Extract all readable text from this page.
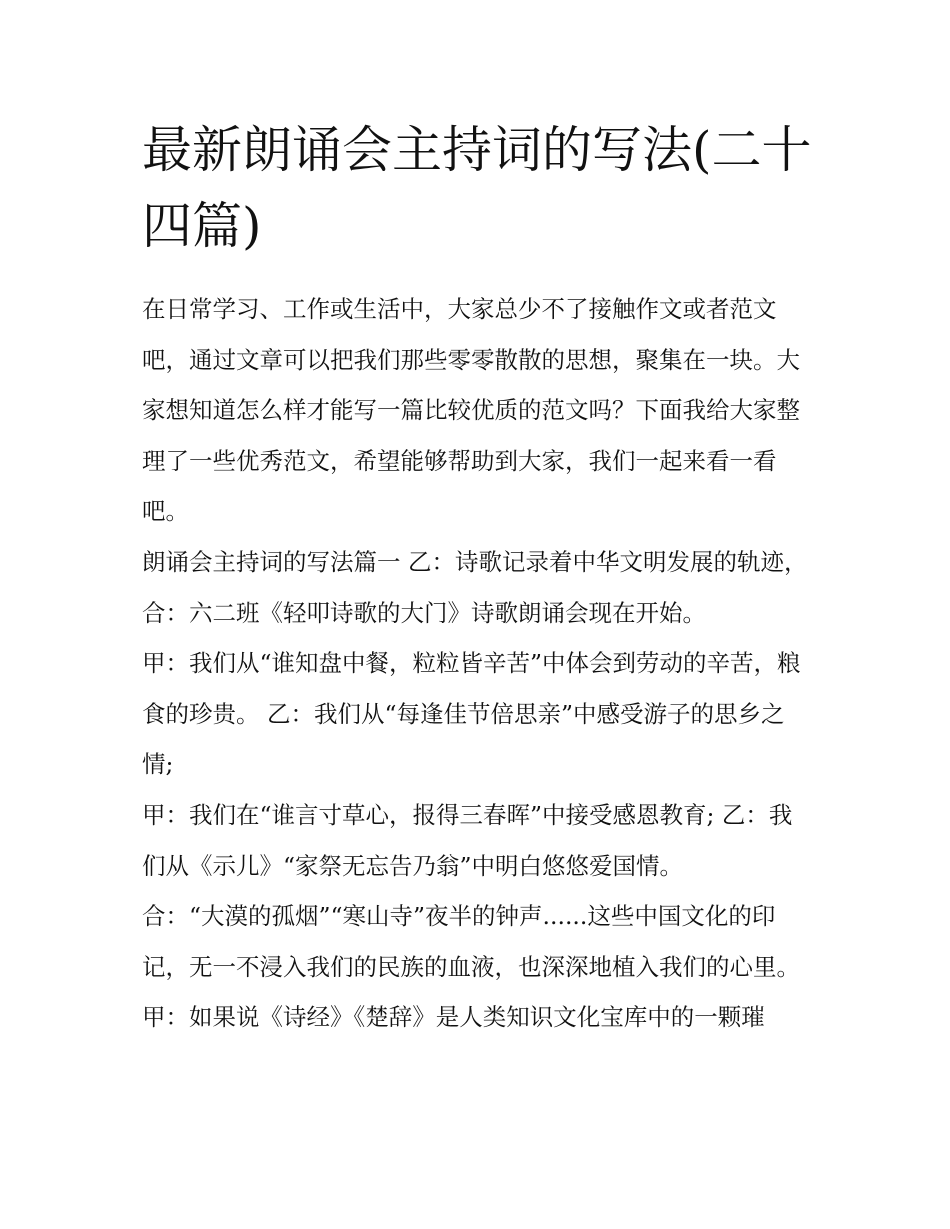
最新朗诵会主持词的写法(二十四篇)

在日常学习、工作或生活中，大家总少不了接触作文或者范文吧，通过文章可以把我们那些零零散散的思想，聚集在一块。大家想知道怎么样才能写一篇比较优质的范文吗？下面我给大家整理了一些优秀范文，希望能够帮助到大家，我们一起来看一看吧。

朗诵会主持词的写法篇一 乙：诗歌记录着中华文明发展的轨迹， 合：六二班《轻叩诗歌的大门》诗歌朗诵会现在开始。

甲：我们从“谁知盘中餐，粒粒皆辛苦”中体会到劳动的辛苦，粮食的珍贵。 乙：我们从“每逢佳节倍思亲”中感受游子的思乡之情;

甲：我们在“谁言寸草心，报得三春晖”中接受感恩教育; 乙：我们从《示儿》“家祭无忘告乃翁”中明白悠悠爱国情。

合：“大漠的孤烟”“寒山寺”夜半的钟声......这些中国文化的印记，无一不浸入我们的民族的血液，也深深地植入我们的心里。

甲：如果说《诗经》《楚辞》是人类知识文化宝库中的一颗璀
